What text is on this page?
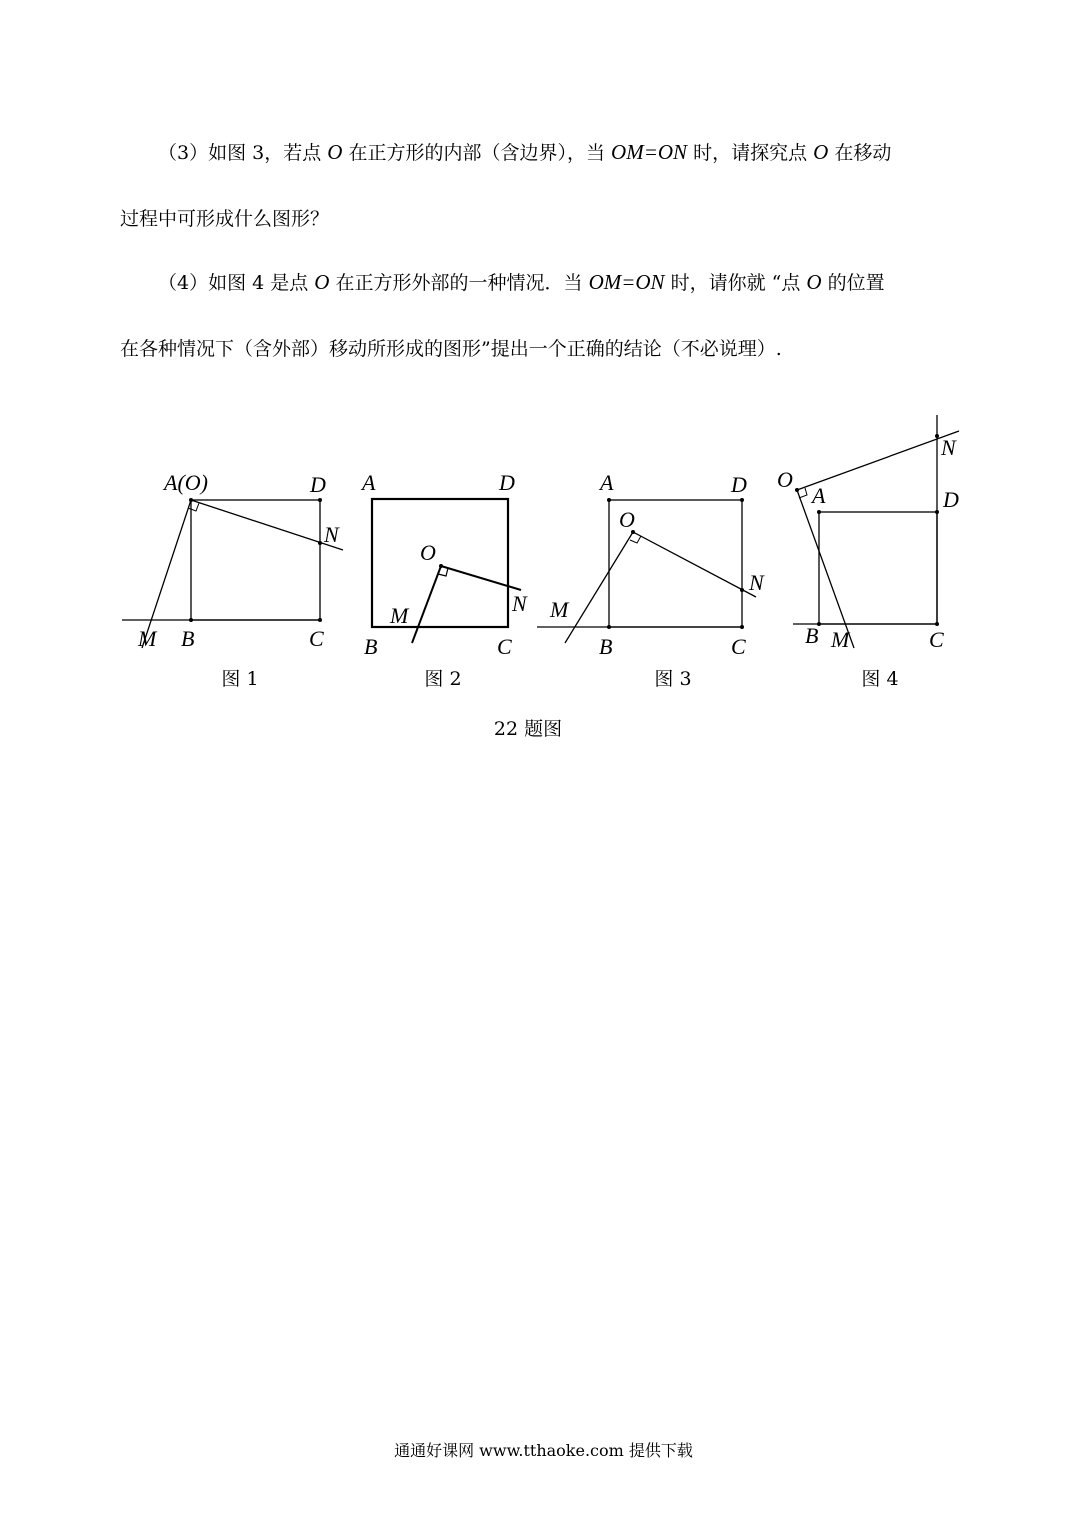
（3）如图 3，若点 O 在正方形的内部（含边界），当 OM=ON 时，请探究点 O 在移动
过程中可形成什么图形？

（4）如图 4 是点 O 在正方形外部的一种情况．当 OM=ON 时，请你就 “点 O 的位置
在各种情况下（含外部）移动所形成的图形”提出一个正确的结论（不必说理）.

A(O)	D
N
M B	C
A	D
O
N
M
B	C
A	D
O
N
M
B	C
O
A
N
D
B M	C
图 1	图 2	图 3	图 4
22 题图
通通好课网 www.tthaoke.com 提供下载
